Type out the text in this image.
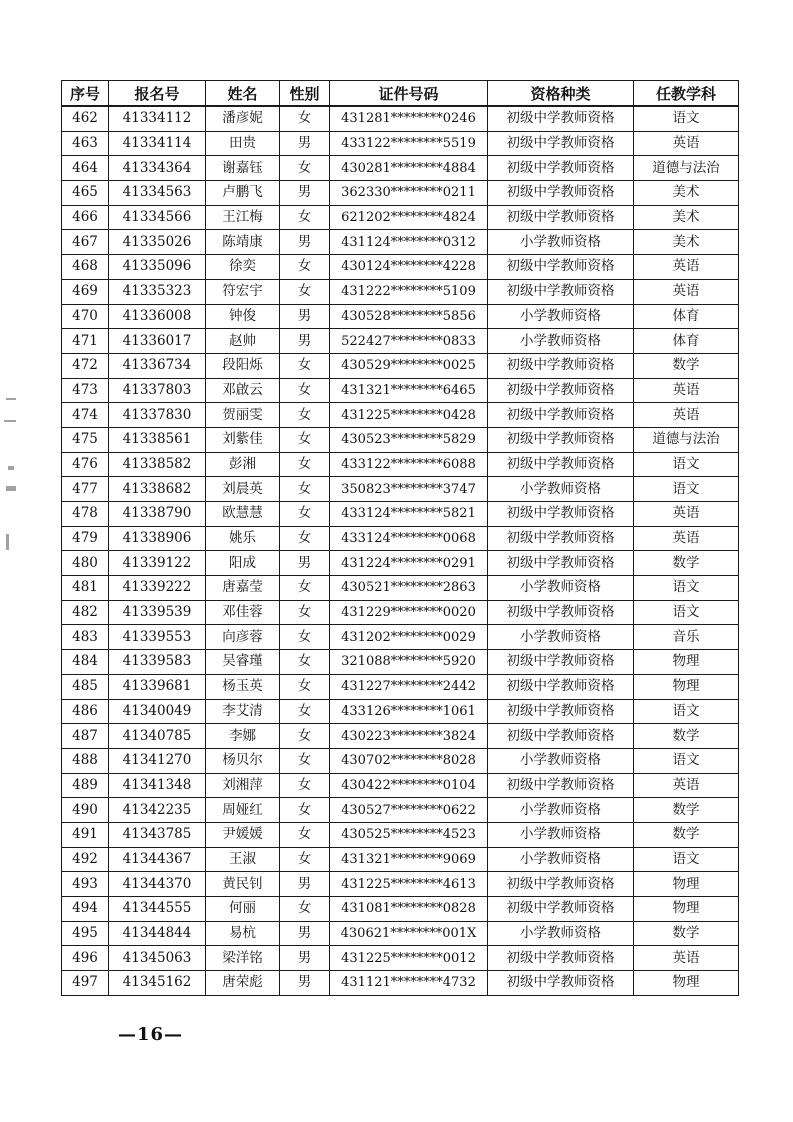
序号	报名号	姓名	性别	证件号码	资格种类	任教学科
462	41334112	潘彦妮	女	431281********0246	初级中学教师资格	语文
463	41334114	田贵	男	433122********5519	初级中学教师资格	英语
464	41334364	谢嘉钰	女	430281********4884	初级中学教师资格	道德与法治
465	41334563	卢鹏飞	男	362330********0211	初级中学教师资格	美术
466	41334566	王江梅	女	621202********4824	初级中学教师资格	美术
467	41335026	陈靖康	男	431124********0312	小学教师资格	美术
468	41335096	徐奕	女	430124********4228	初级中学教师资格	英语
469	41335323	符宏宇	女	431222********5109	初级中学教师资格	英语
470	41336008	钟俊	男	430528********5856	小学教师资格	体育
471	41336017	赵帅	男	522427********0833	小学教师资格	体育
472	41336734	段阳烁	女	430529********0025	初级中学教师资格	数学
473	41337803	邓啟云	女	431321********6465	初级中学教师资格	英语
474	41337830	贺丽雯	女	431225********0428	初级中学教师资格	英语
475	41338561	刘紫佳	女	430523********5829	初级中学教师资格	道德与法治
476	41338582	彭湘	女	433122********6088	初级中学教师资格	语文
477	41338682	刘晨英	女	350823********3747	小学教师资格	语文
478	41338790	欧慧慧	女	433124********5821	初级中学教师资格	英语
479	41338906	姚乐	女	433124********0068	初级中学教师资格	英语
480	41339122	阳成	男	431224********0291	初级中学教师资格	数学
481	41339222	唐嘉莹	女	430521********2863	小学教师资格	语文
482	41339539	邓佳蓉	女	431229********0020	初级中学教师资格	语文
483	41339553	向彦蓉	女	431202********0029	小学教师资格	音乐
484	41339583	吴睿瑾	女	321088********5920	初级中学教师资格	物理
485	41339681	杨玉英	女	431227********2442	初级中学教师资格	物理
486	41340049	李艾清	女	433126********1061	初级中学教师资格	语文
487	41340785	李娜	女	430223********3824	初级中学教师资格	数学
488	41341270	杨贝尔	女	430702********8028	小学教师资格	语文
489	41341348	刘湘萍	女	430422********0104	初级中学教师资格	英语
490	41342235	周娅红	女	430527********0622	小学教师资格	数学
491	41343785	尹媛媛	女	430525********4523	小学教师资格	数学
492	41344367	王淑	女	431321********9069	小学教师资格	语文
493	41344370	黄民钊	男	431225********4613	初级中学教师资格	物理
494	41344555	何丽	女	431081********0828	初级中学教师资格	物理
495	41344844	易杭	男	430621********001X	小学教师资格	数学
496	41345063	梁洋铭	男	431225********0012	初级中学教师资格	英语
497	41345162	唐荣彪	男	431121********4732	初级中学教师资格	物理
—16—
